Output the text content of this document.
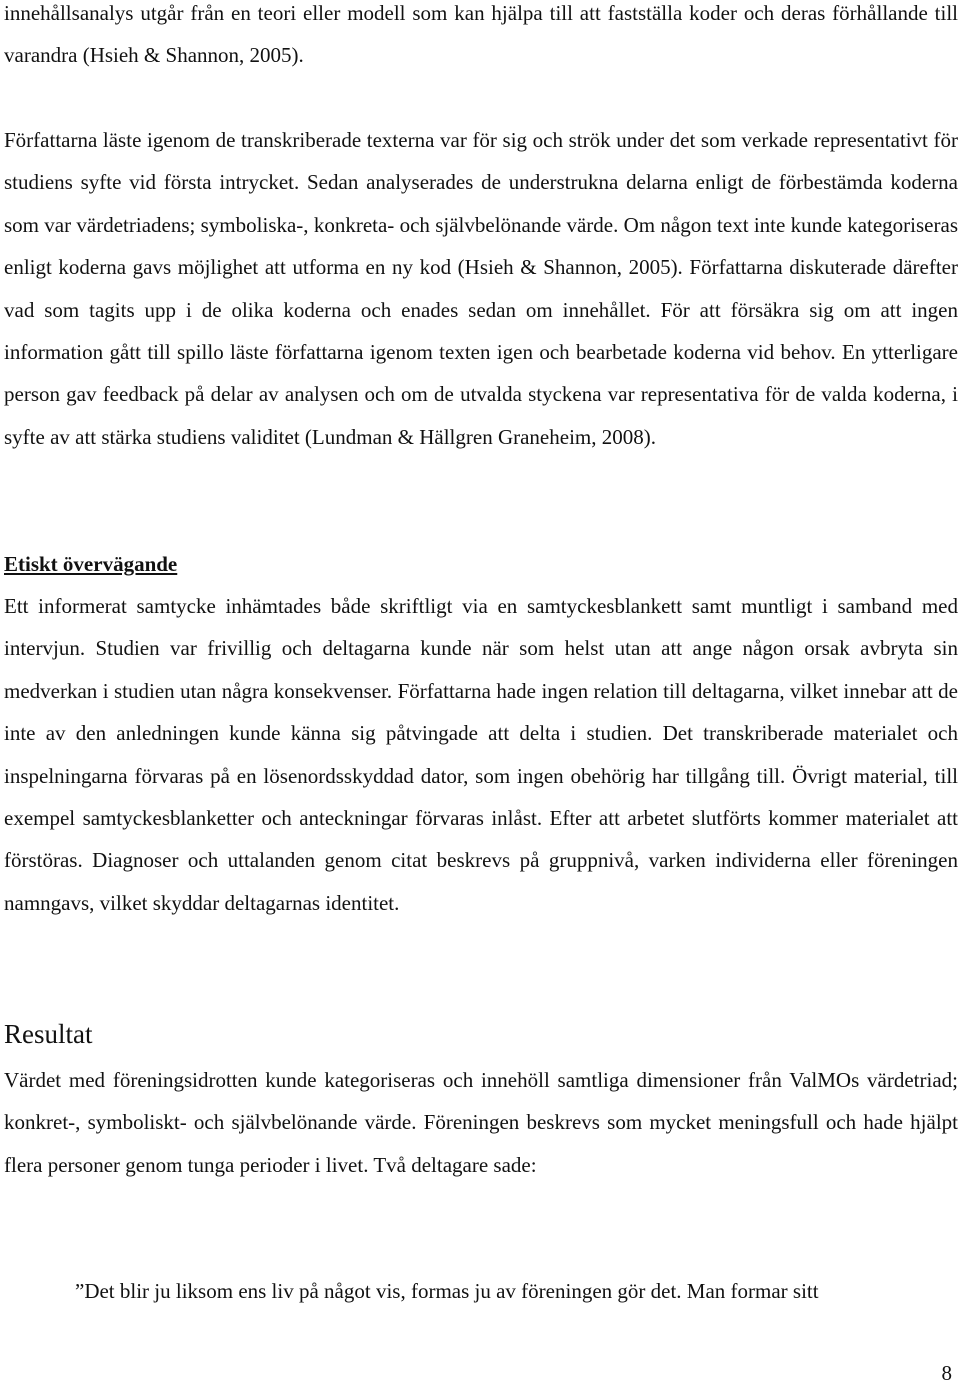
innehållsanalys utgår från en teori eller modell som kan hjälpa till att fastställa koder och deras förhållande till varandra (Hsieh & Shannon, 2005).

Författarna läste igenom de transkriberade texterna var för sig och strök under det som verkade representativt för studiens syfte vid första intrycket. Sedan analyserades de understrukna delarna enligt de förbestämda koderna som var värdetriadens; symboliska-, konkreta- och självbelönande värde. Om någon text inte kunde kategoriseras enligt koderna gavs möjlighet att utforma en ny kod (Hsieh & Shannon, 2005). Författarna diskuterade därefter vad som tagits upp i de olika koderna och enades sedan om innehållet. För att försäkra sig om att ingen information gått till spillo läste författarna igenom texten igen och bearbetade koderna vid behov. En ytterligare person gav feedback på delar av analysen och om de utvalda styckena var representativa för de valda koderna, i syfte av att stärka studiens validitet (Lundman & Hällgren Graneheim, 2008).

Etiskt övervägande

Ett informerat samtycke inhämtades både skriftligt via en samtyckesblankett samt muntligt i samband med intervjun. Studien var frivillig och deltagarna kunde när som helst utan att ange någon orsak avbryta sin medverkan i studien utan några konsekvenser. Författarna hade ingen relation till deltagarna, vilket innebar att de inte av den anledningen kunde känna sig påtvingade att delta i studien. Det transkriberade materialet och inspelningarna förvaras på en lösenordsskyddad dator, som ingen obehörig har tillgång till. Övrigt material, till exempel samtyckesblanketter och anteckningar förvaras inlåst. Efter att arbetet slutförts kommer materialet att förstöras. Diagnoser och uttalanden genom citat beskrevs på gruppnivå, varken individerna eller föreningen namngavs, vilket skyddar deltagarnas identitet.

Resultat

Värdet med föreningsidrotten kunde kategoriseras och innehöll samtliga dimensioner från ValMOs värdetriad; konkret-, symboliskt- och självbelönande värde. Föreningen beskrevs som mycket meningsfull och hade hjälpt flera personer genom tunga perioder i livet. Två deltagare sade:

”Det blir ju liksom ens liv på något vis, formas ju av föreningen gör det. Man formar sitt

8
